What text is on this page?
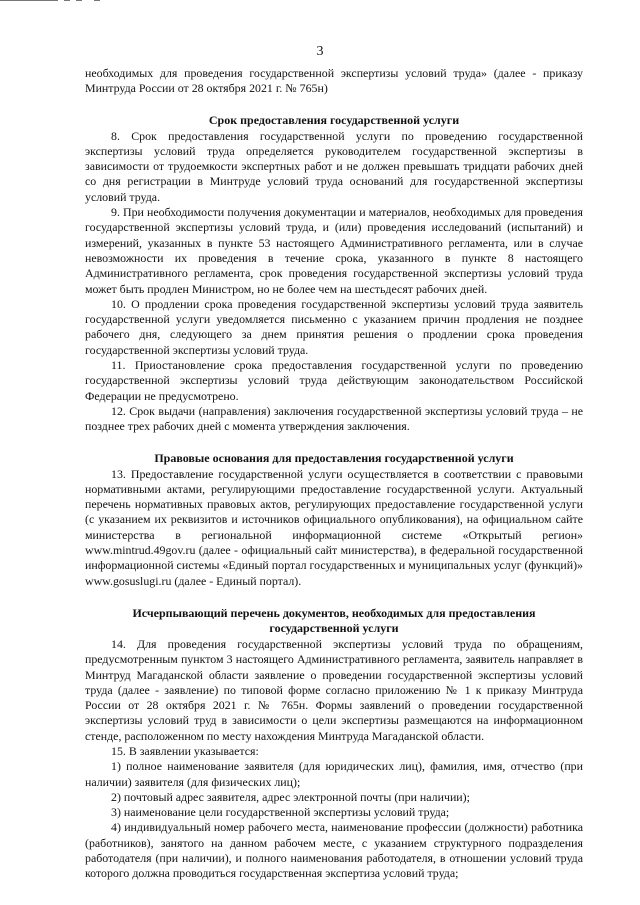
3

необходимых для проведения государственной экспертизы условий труда» (далее - приказу Минтруда России от 28 октября 2021 г. № 765н)

Срок предоставления государственной услуги

8. Срок предоставления государственной услуги по проведению государственной экспертизы условий труда определяется руководителем государственной экспертизы в зависимости от трудоемкости экспертных работ и не должен превышать тридцати рабочих дней со дня регистрации в Минтруде условий труда оснований для государственной экспертизы условий труда.

9. При необходимости получения документации и материалов, необходимых для проведения государственной экспертизы условий труда, и (или) проведения исследований (испытаний) и измерений, указанных в пункте 53 настоящего Административного регламента, или в случае невозможности их проведения в течение срока, указанного в пункте 8 настоящего Административного регламента, срок проведения государственной экспертизы условий труда может быть продлен Министром, но не более чем на шестьдесят рабочих дней.

10. О продлении срока проведения государственной экспертизы условий труда заявитель государственной услуги уведомляется письменно с указанием причин продления не позднее рабочего дня, следующего за днем принятия решения о продлении срока проведения государственной экспертизы условий труда.

11. Приостановление срока предоставления государственной услуги по проведению государственной экспертизы условий труда действующим законодательством Российской Федерации не предусмотрено.

12. Срок выдачи (направления) заключения государственной экспертизы условий труда – не позднее трех рабочих дней с момента утверждения заключения.

Правовые основания для предоставления государственной услуги

13. Предоставление государственной услуги осуществляется в соответствии с правовыми нормативными актами, регулирующими предоставление государственной услуги. Актуальный перечень нормативных правовых актов, регулирующих предоставление государственной услуги (с указанием их реквизитов и источников официального опубликования), на официальном сайте министерства в региональной информационной системе «Открытый регион» www.mintrud.49gov.ru (далее - официальный сайт министерства), в федеральной государственной информационной системы «Единый портал государственных и муниципальных услуг (функций)» www.gosuslugi.ru (далее - Единый портал).

Исчерпывающий перечень документов, необходимых для предоставления государственной услуги

14. Для проведения государственной экспертизы условий труда по обращениям, предусмотренным пунктом 3 настоящего Административного регламента, заявитель направляет в Минтруд Магаданской области заявление о проведении государственной экспертизы условий труда (далее - заявление) по типовой форме согласно приложению № 1 к приказу Минтруда России от 28 октября 2021 г. № 765н. Формы заявлений о проведении государственной экспертизы условий труд в зависимости о цели экспертизы размещаются на информационном стенде, расположенном по месту нахождения Минтруда Магаданской области.

15. В заявлении указывается:

1) полное наименование заявителя (для юридических лиц), фамилия, имя, отчество (при наличии) заявителя (для физических лиц);

2) почтовый адрес заявителя, адрес электронной почты (при наличии);

3) наименование цели государственной экспертизы условий труда;

4) индивидуальный номер рабочего места, наименование профессии (должности) работника (работников), занятого на данном рабочем месте, с указанием структурного подразделения работодателя (при наличии), и полного наименования работодателя, в отношении условий труда которого должна проводиться государственная экспертиза условий труда;
